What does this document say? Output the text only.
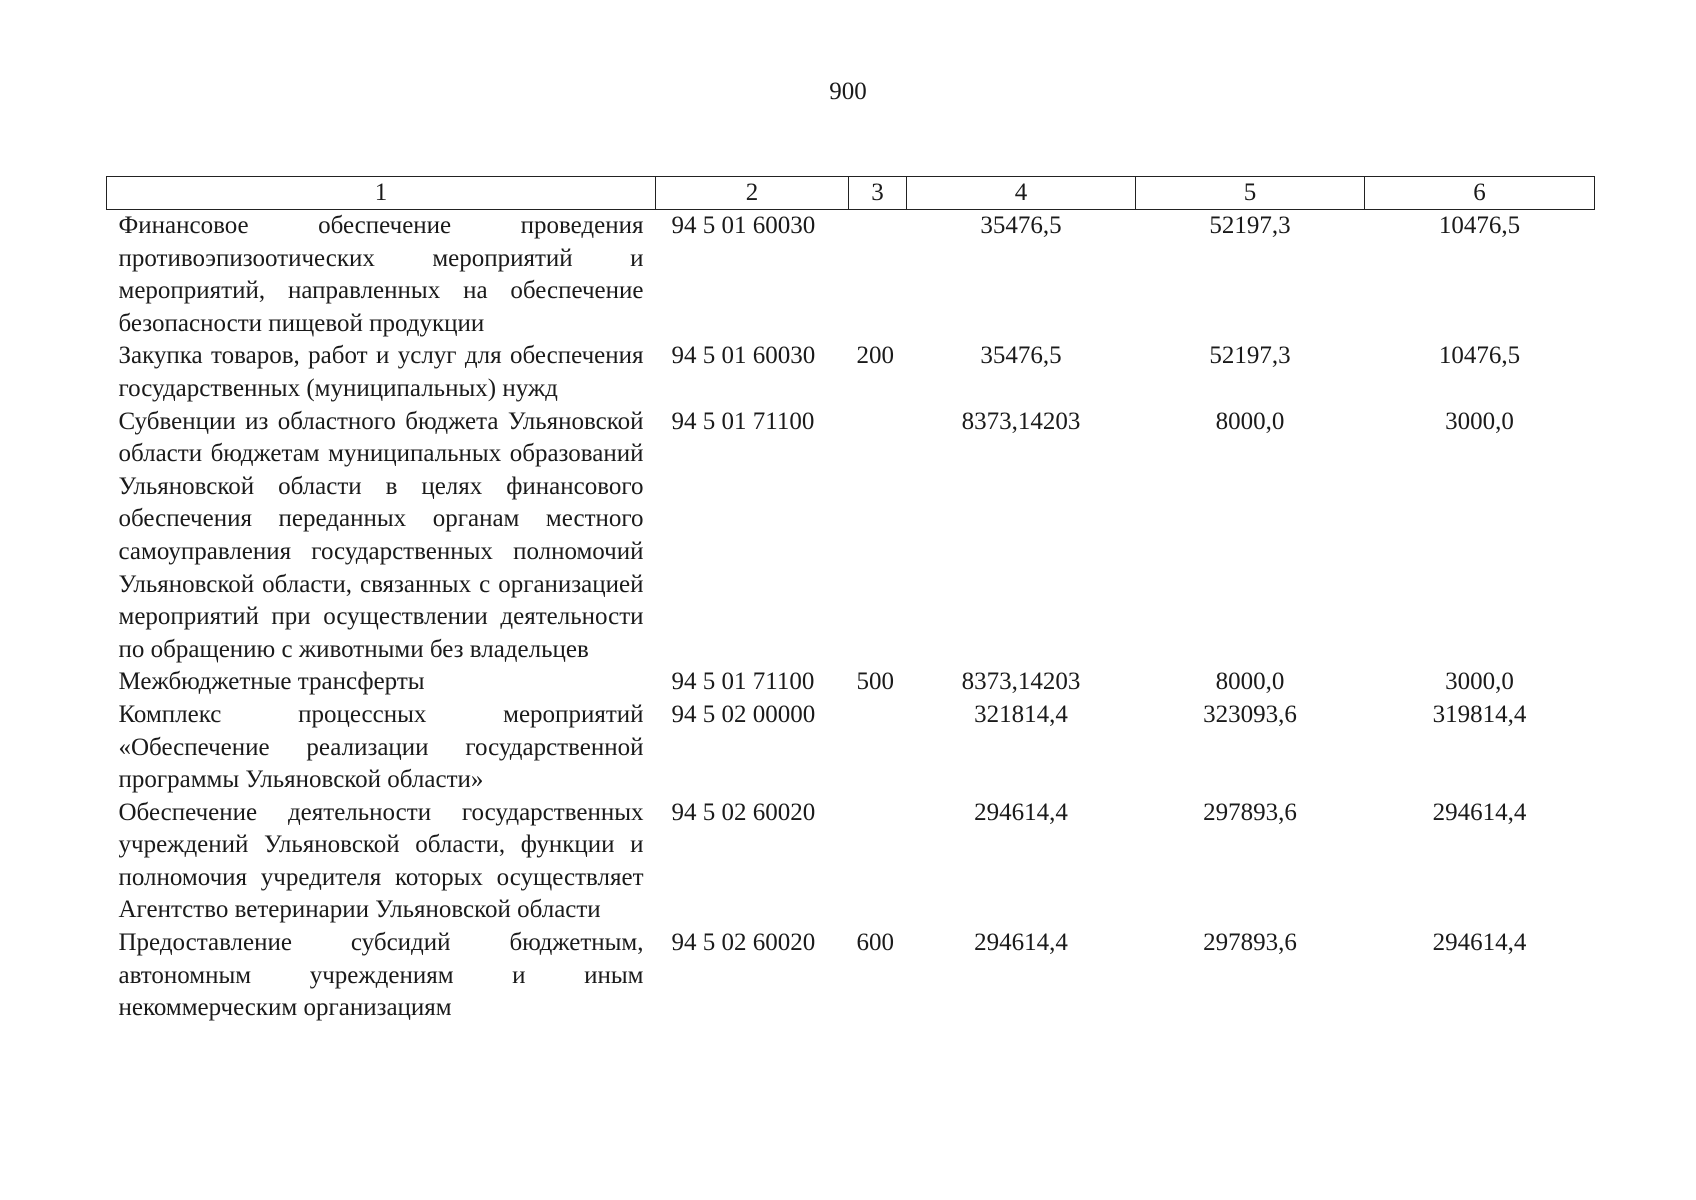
900
1	2	3	4	5	6
Финансовое обеспечение проведения противоэпизоотических мероприятий и мероприятий, направленных на обеспечение безопасности пищевой продукции	94 5 01 60030		35476,5	52197,3	10476,5
Закупка товаров, работ и услуг для обеспечения государственных (муниципальных) нужд	94 5 01 60030	200	35476,5	52197,3	10476,5
Субвенции из областного бюджета Ульяновской области бюджетам муниципальных образований Ульяновской области в целях финансового обеспечения переданных органам местного самоуправления государственных полномочий Ульяновской области, связанных с организацией мероприятий при осуществлении деятельности по обращению с животными без владельцев	94 5 01 71100		8373,14203	8000,0	3000,0
Межбюджетные трансферты	94 5 01 71100	500	8373,14203	8000,0	3000,0
Комплекс процессных мероприятий «Обеспечение реализации государственной программы Ульяновской области»	94 5 02 00000		321814,4	323093,6	319814,4
Обеспечение деятельности государственных учреждений Ульяновской области, функции и полномочия учредителя которых осуществляет Агентство ветеринарии Ульяновской области	94 5 02 60020		294614,4	297893,6	294614,4
Предоставление субсидий бюджетным, автономным учреждениям и иным некоммерческим организациям	94 5 02 60020	600	294614,4	297893,6	294614,4
